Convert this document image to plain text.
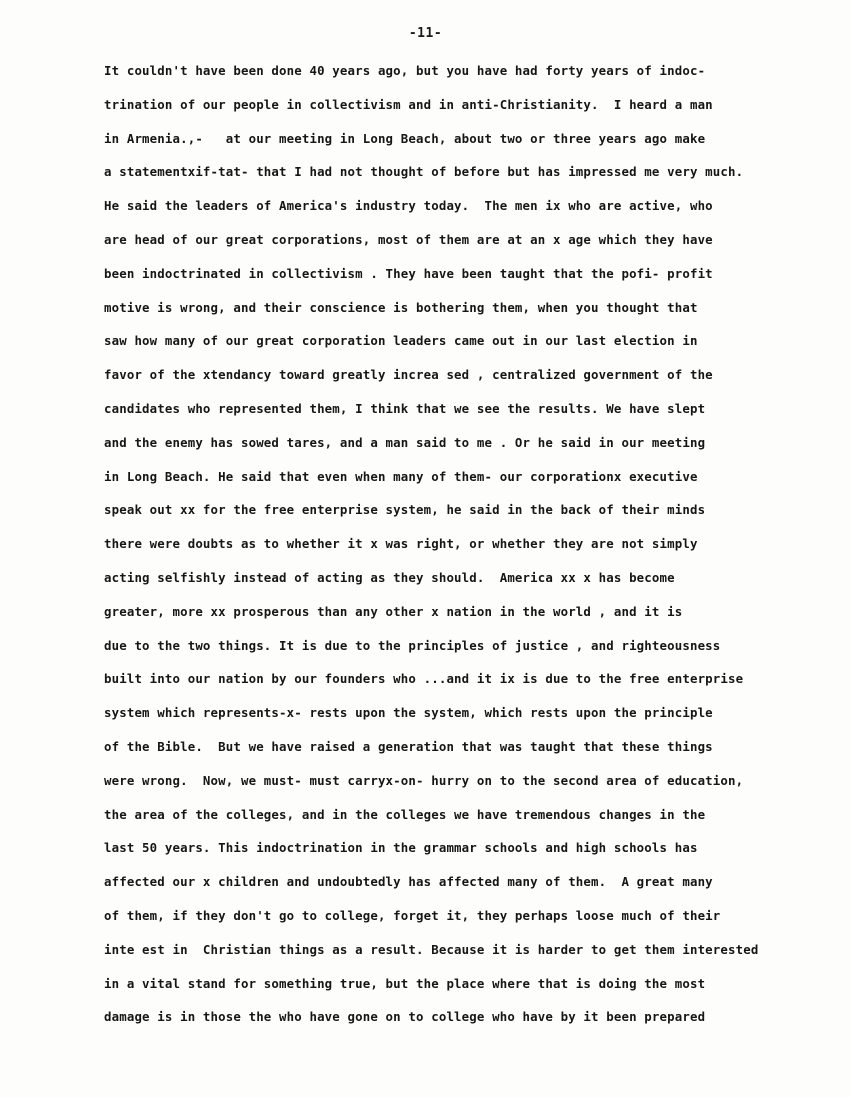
-11-
It couldn't have been done 40 years ago, but you have had forty years of indoc-
trination of our people in collectivism and in anti-Christianity.  I heard a man
in Armenia.,-   at our meeting in Long Beach, about two or three years ago make
a statementxif-tat- that I had not thought of before but has impressed me very much.
He said the leaders of America's industry today.  The men ix who are active, who
are head of our great corporations, most of them are at an x age which they have
been indoctrinated in collectivism . They have been taught that the pofi- profit
motive is wrong, and their conscience is bothering them, when you thought that
saw how many of our great corporation leaders came out in our last election in
favor of the xtendancy toward greatly increa sed , centralized government of the
candidates who represented them, I think that we see the results. We have slept
and the enemy has sowed tares, and a man said to me . Or he said in our meeting
in Long Beach. He said that even when many of them- our corporationx executive
speak out xx for the free enterprise system, he said in the back of their minds
there were doubts as to whether it x was right, or whether they are not simply
acting selfishly instead of acting as they should.  America xx x has become
greater, more xx prosperous than any other x nation in the world , and it is
due to the two things. It is due to the principles of justice , and righteousness
built into our nation by our founders who ...and it ix is due to the free enterprise
system which represents-x- rests upon the system, which rests upon the principle
of the Bible.  But we have raised a generation that was taught that these things
were wrong.  Now, we must- must carryx-on- hurry on to the second area of education,
the area of the colleges, and in the colleges we have tremendous changes in the
last 50 years. This indoctrination in the grammar schools and high schools has
affected our x children and undoubtedly has affected many of them.  A great many
of them, if they don't go to college, forget it, they perhaps loose much of their
inte est in  Christian things as a result. Because it is harder to get them interested
in a vital stand for something true, but the place where that is doing the most
damage is in those the who have gone on to college who have by it been prepared
